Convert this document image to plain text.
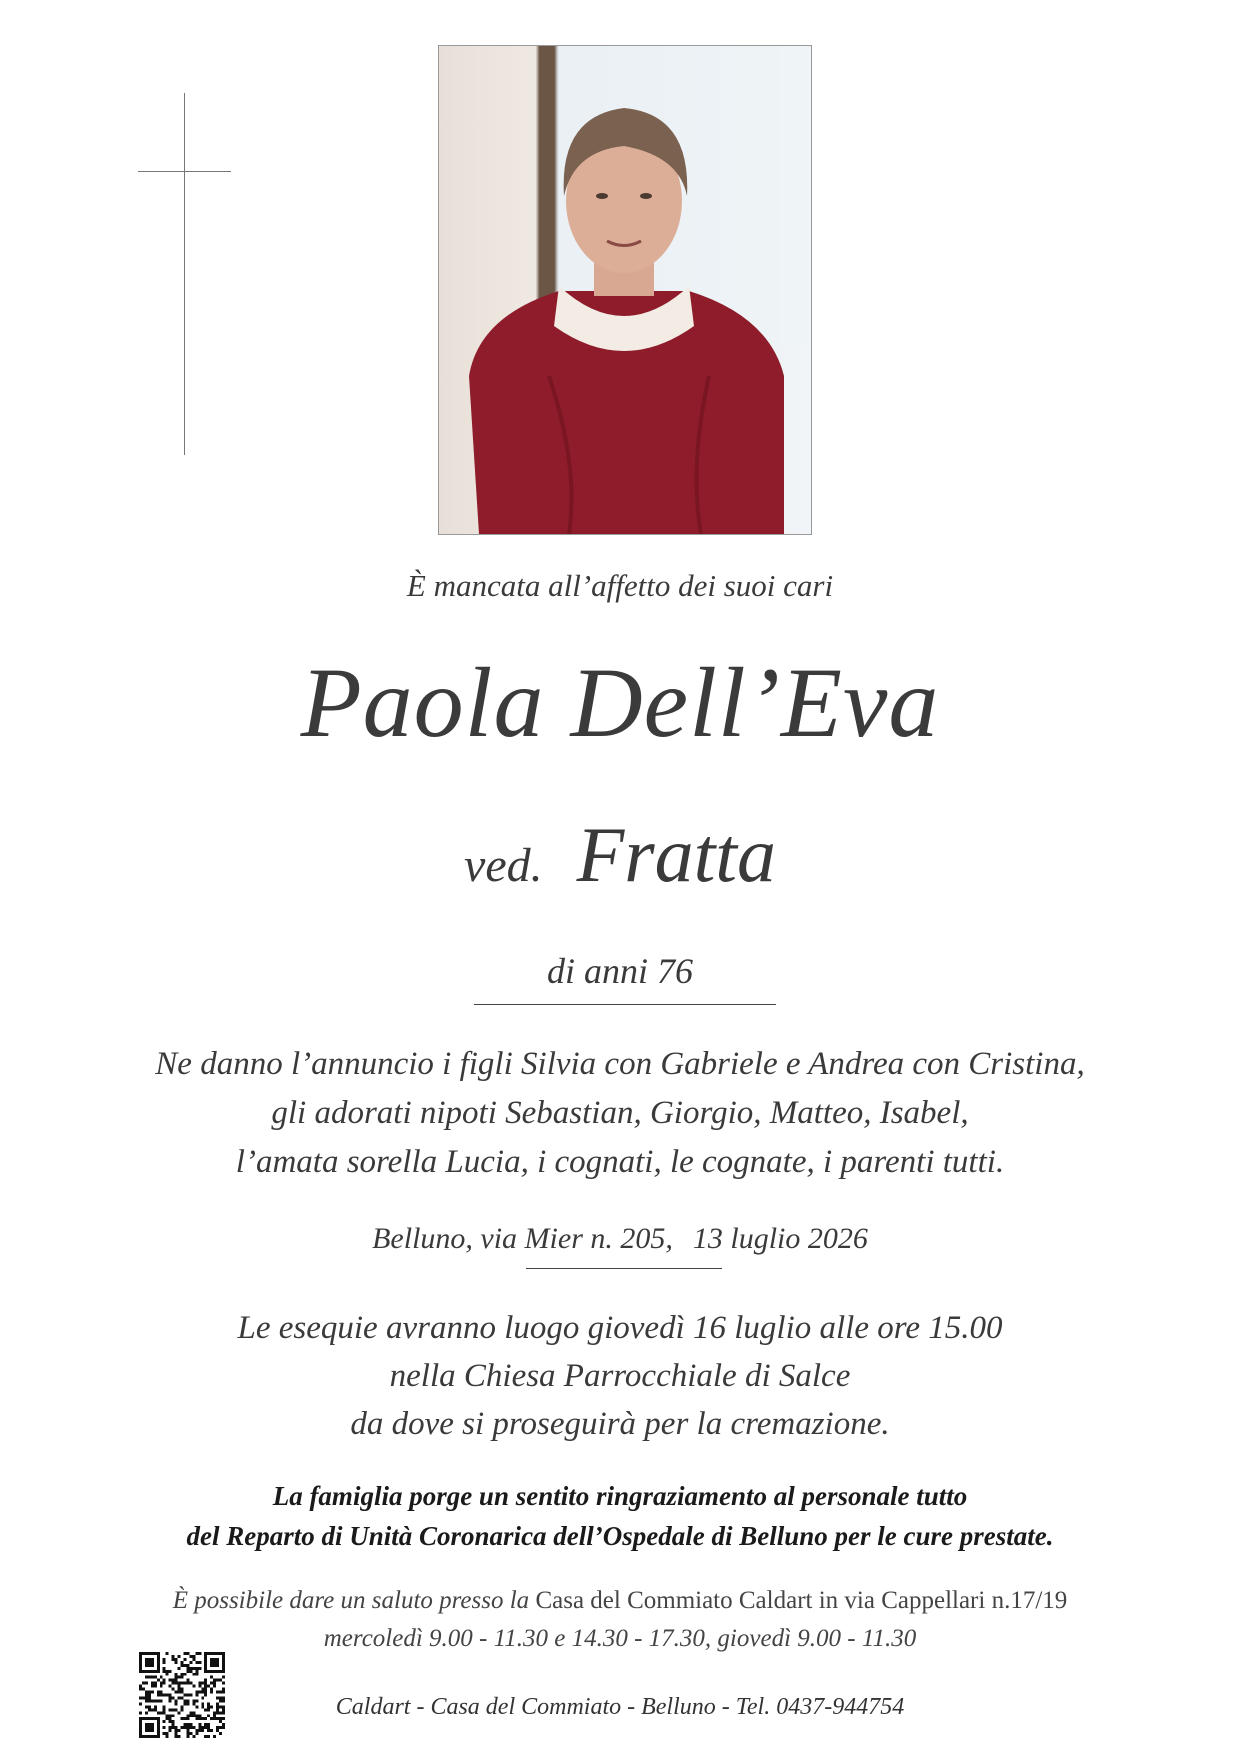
È mancata all’affetto dei suoi cari
Paola Dell’Eva
ved. Fratta
di anni 76
Ne danno l’annuncio i figli Silvia con Gabriele e Andrea con Cristina,
gli adorati nipoti Sebastian, Giorgio, Matteo, Isabel,
l’amata sorella Lucia, i cognati, le cognate, i parenti tutti.
Belluno, via Mier n. 205, 13 luglio 2026
Le esequie avranno luogo giovedì 16 luglio alle ore 15.00
nella Chiesa Parrocchiale di Salce
da dove si proseguirà per la cremazione.
La famiglia porge un sentito ringraziamento al personale tutto
del Reparto di Unità Coronarica dell’Ospedale di Belluno per le cure prestate.
È possibile dare un saluto presso la Casa del Commiato Caldart in via Cappellari n.17/19
mercoledì 9.00 - 11.30 e 14.30 - 17.30, giovedì 9.00 - 11.30
Caldart - Casa del Commiato - Belluno - Tel. 0437-944754
